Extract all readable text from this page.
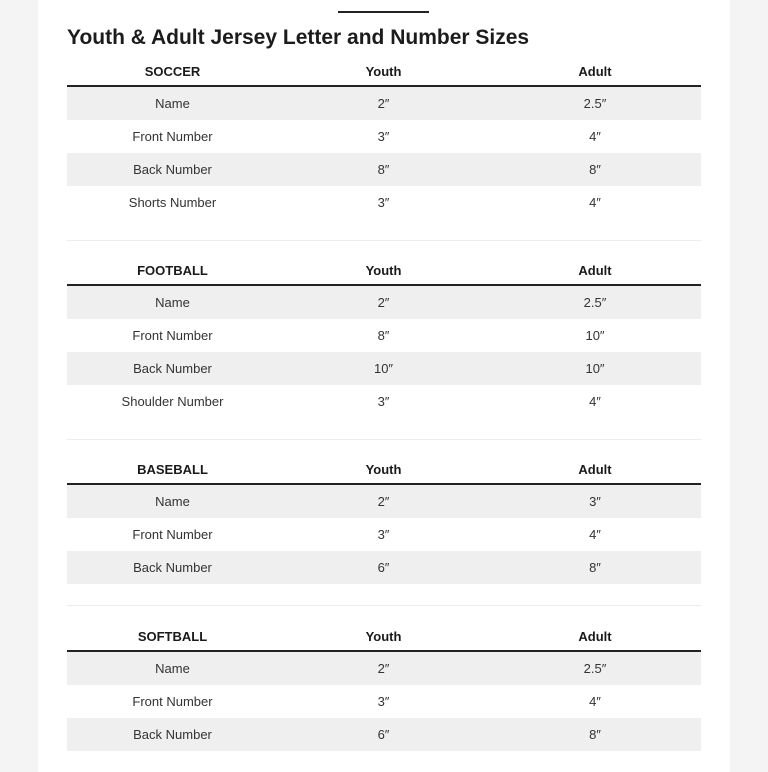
Youth & Adult Jersey Letter and Number Sizes
SOCCER	Youth	Adult
Name	2″	2.5″
Front Number	3″	4″
Back Number	8″	8″
Shorts Number	3″	4″
FOOTBALL	Youth	Adult
Name	2″	2.5″
Front Number	8″	10″
Back Number	10″	10″
Shoulder Number	3″	4″
BASEBALL	Youth	Adult
Name	2″	3″
Front Number	3″	4″
Back Number	6″	8″
SOFTBALL	Youth	Adult
Name	2″	2.5″
Front Number	3″	4″
Back Number	6″	8″
